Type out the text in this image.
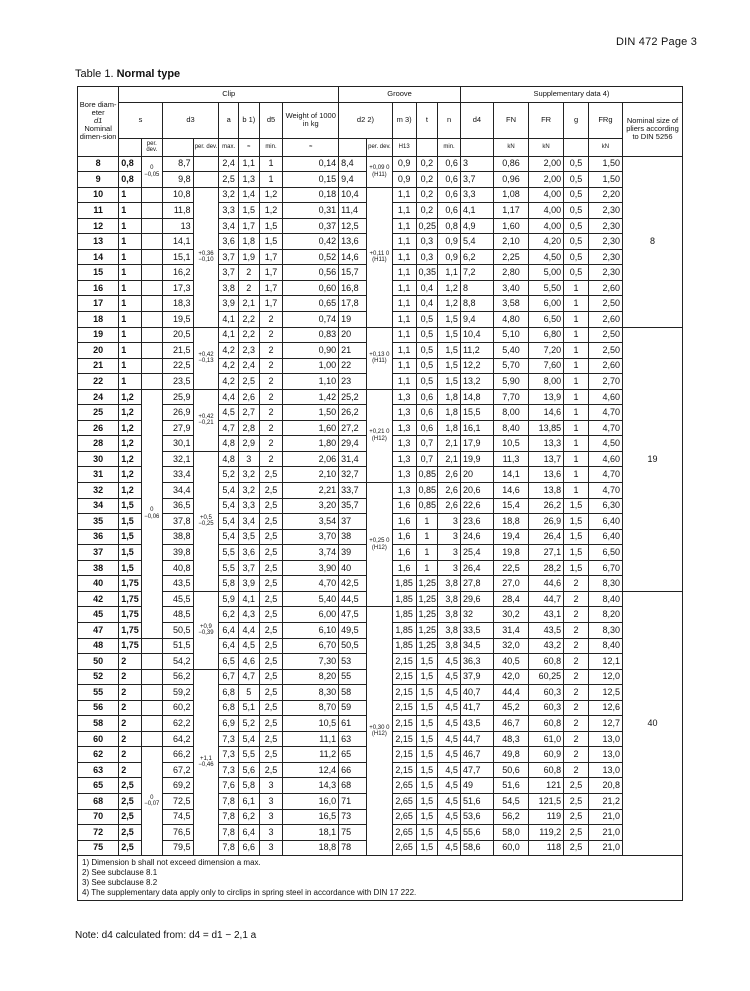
DIN 472 Page 3
Table 1. Normal type
Bore diam-eter
d1
Nominal dimen-sion	Clip								Groove					Supplementary data 4)					
	s		d3		a	b 1)	d5	Weight of 1000 in kg	d2 2)		m 3)	t	n	d4	FN	FR	g	FRg	Nominal size of pliers according to DIN 5256
		per. dev.		per. dev.	max.	≈	min.	≈		per. dev.	H13		min.		kN	kN		kN	
8	0,8	0 −0,05	8,7		2,4	1,1	1	0,14	8,4	+0,09 0 (H11)	0,9	0,2	0,6	3	0,86	2,00	0,5	1,50	8
9	0,8		9,8		2,5	1,3	1	0,15	9,4		0,9	0,2	0,6	3,7	0,96	2,00	0,5	1,50	
10	1		10,8	+0,36 −0,10	3,2	1,4	1,2	0,18	10,4	+0,11 0 (H11)	1,1	0,2	0,6	3,3	1,08	4,00	0,5	2,20	
11	1		11,8		3,3	1,5	1,2	0,31	11,4		1,1	0,2	0,6	4,1	1,17	4,00	0,5	2,30	
12	1		13		3,4	1,7	1,5	0,37	12,5		1,1	0,25	0,8	4,9	1,60	4,00	0,5	2,30	
13	1		14,1		3,6	1,8	1,5	0,42	13,6		1,1	0,3	0,9	5,4	2,10	4,20	0,5	2,30	
14	1		15,1		3,7	1,9	1,7	0,52	14,6		1,1	0,3	0,9	6,2	2,25	4,50	0,5	2,30	
15	1		16,2		3,7	2	1,7	0,56	15,7		1,1	0,35	1,1	7,2	2,80	5,00	0,5	2,30	
16	1		17,3		3,8	2	1,7	0,60	16,8		1,1	0,4	1,2	8	3,40	5,50	1	2,60	
17	1		18,3		3,9	2,1	1,7	0,65	17,8		1,1	0,4	1,2	8,8	3,58	6,00	1	2,50	
18	1		19,5		4,1	2,2	2	0,74	19		1,1	0,5	1,5	9,4	4,80	6,50	1	2,60	
19	1		20,5	+0,42 −0,13	4,1	2,2	2	0,83	20	+0,13 0 (H11)	1,1	0,5	1,5	10,4	5,10	6,80	1	2,50	19
20	1		21,5		4,2	2,3	2	0,90	21		1,1	0,5	1,5	11,2	5,40	7,20	1	2,50	
21	1		22,5		4,2	2,4	2	1,00	22		1,1	0,5	1,5	12,2	5,70	7,60	1	2,60	
22	1		23,5		4,2	2,5	2	1,10	23		1,1	0,5	1,5	13,2	5,90	8,00	1	2,70	
24	1,2	0 −0,06	25,9	+0,42 −0,21	4,4	2,6	2	1,42	25,2	+0,21 0 (H12)	1,3	0,6	1,8	14,8	7,70	13,9	1	4,60	
25	1,2		26,9		4,5	2,7	2	1,50	26,2		1,3	0,6	1,8	15,5	8,00	14,6	1	4,70	
26	1,2		27,9		4,7	2,8	2	1,60	27,2		1,3	0,6	1,8	16,1	8,40	13,85	1	4,70	
28	1,2		30,1		4,8	2,9	2	1,80	29,4		1,3	0,7	2,1	17,9	10,5	13,3	1	4,50	
30	1,2		32,1	+0,5 −0,25	4,8	3	2	2,06	31,4		1,3	0,7	2,1	19,9	11,3	13,7	1	4,60	
31	1,2		33,4		5,2	3,2	2,5	2,10	32,7		1,3	0,85	2,6	20	14,1	13,6	1	4,70	
32	1,2		34,4		5,4	3,2	2,5	2,21	33,7	+0,25 0 (H12)	1,3	0,85	2,6	20,6	14,6	13,8	1	4,70	
34	1,5		36,5		5,4	3,3	2,5	3,20	35,7		1,6	0,85	2,6	22,6	15,4	26,2	1,5	6,30	
35	1,5		37,8		5,4	3,4	2,5	3,54	37		1,6	1	3	23,6	18,8	26,9	1,5	6,40	
36	1,5		38,8		5,4	3,5	2,5	3,70	38		1,6	1	3	24,6	19,4	26,4	1,5	6,40	
37	1,5		39,8		5,5	3,6	2,5	3,74	39		1,6	1	3	25,4	19,8	27,1	1,5	6,50	
38	1,5		40,8		5,5	3,7	2,5	3,90	40		1,6	1	3	26,4	22,5	28,2	1,5	6,70	
40	1,75		43,5		5,8	3,9	2,5	4,70	42,5		1,85	1,25	3,8	27,8	27,0	44,6	2	8,30	
42	1,75		45,5	+0,9 −0,39	5,9	4,1	2,5	5,40	44,5		1,85	1,25	3,8	29,6	28,4	44,7	2	8,40	40
45	1,75		48,5		6,2	4,3	2,5	6,00	47,5	+0,30 0 (H12)	1,85	1,25	3,8	32	30,2	43,1	2	8,20	
47	1,75		50,5		6,4	4,4	2,5	6,10	49,5		1,85	1,25	3,8	33,5	31,4	43,5	2	8,30	
48	1,75		51,5		6,4	4,5	2,5	6,70	50,5		1,85	1,25	3,8	34,5	32,0	43,2	2	8,40	
50	2		54,2		6,5	4,6	2,5	7,30	53		2,15	1,5	4,5	36,3	40,5	60,8	2	12,1	
52	2		56,2	+1,1 −0,46	6,7	4,7	2,5	8,20	55		2,15	1,5	4,5	37,9	42,0	60,25	2	12,0	
55	2		59,2		6,8	5	2,5	8,30	58		2,15	1,5	4,5	40,7	44,4	60,3	2	12,5	
56	2		60,2		6,8	5,1	2,5	8,70	59		2,15	1,5	4,5	41,7	45,2	60,3	2	12,6	
58	2		62,2		6,9	5,2	2,5	10,5	61		2,15	1,5	4,5	43,5	46,7	60,8	2	12,7	
60	2		64,2		7,3	5,4	2,5	11,1	63		2,15	1,5	4,5	44,7	48,3	61,0	2	13,0	
62	2	0 −0,07	66,2		7,3	5,5	2,5	11,2	65		2,15	1,5	4,5	46,7	49,8	60,9	2	13,0	
63	2		67,2		7,3	5,6	2,5	12,4	66		2,15	1,5	4,5	47,7	50,6	60,8	2	13,0	
65	2,5		69,2		7,6	5,8	3	14,3	68		2,65	1,5	4,5	49	51,6	121	2,5	20,8	
68	2,5		72,5		7,8	6,1	3	16,0	71		2,65	1,5	4,5	51,6	54,5	121,5	2,5	21,2	
70	2,5		74,5		7,8	6,2	3	16,5	73		2,65	1,5	4,5	53,6	56,2	119	2,5	21,0	
72	2,5		76,5		7,8	6,4	3	18,1	75		2,65	1,5	4,5	55,6	58,0	119,2	2,5	21,0	
75	2,5		79,5		7,8	6,6	3	18,8	78		2,65	1,5	4,5	58,6	60,0	118	2,5	21,0	

1) Dimension b shall not exceed dimension a max.
2) See subclause 8.1
3) See subclause 8.2
4) The supplementary data apply only to circlips in spring steel in accordance with DIN 17 222.																			
Note: d4 calculated from: d4 = d1 − 2,1 a
